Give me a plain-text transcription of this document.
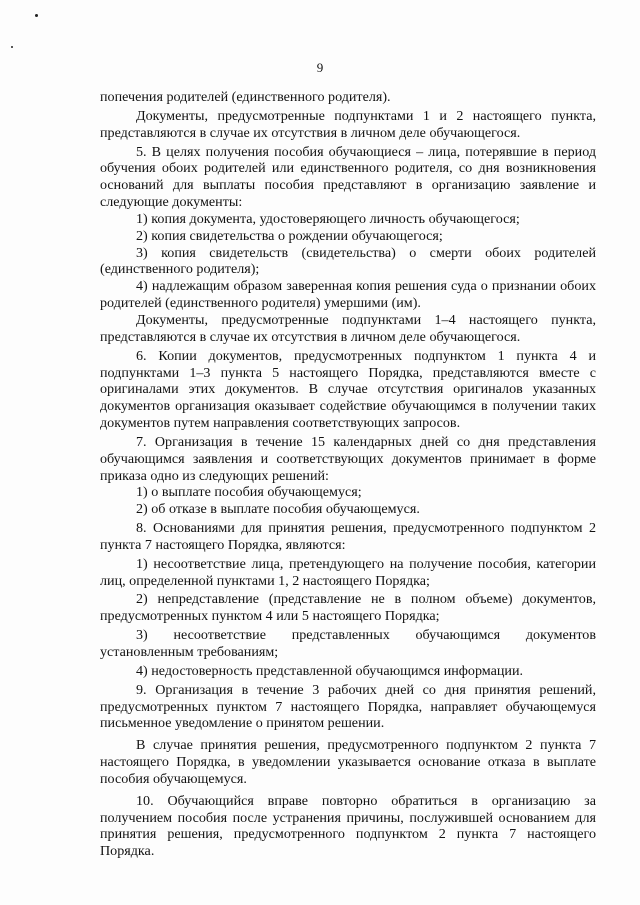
9

попечения родителей (единственного родителя).

Документы, предусмотренные подпунктами 1 и 2 настоящего пункта, представляются в случае их отсутствия в личном деле обучающегося.

5. В целях получения пособия обучающиеся – лица, потерявшие в период обучения обоих родителей или единственного родителя, со дня возникновения оснований для выплаты пособия представляют в организацию заявление и следующие документы:

1) копия документа, удостоверяющего личность обучающегося;

2) копия свидетельства о рождении обучающегося;

3) копия свидетельств (свидетельства) о смерти обоих родителей (единственного родителя);

4) надлежащим образом заверенная копия решения суда о признании обоих родителей (единственного родителя) умершими (им).

Документы, предусмотренные подпунктами 1–4 настоящего пункта, представляются в случае их отсутствия в личном деле обучающегося.

6. Копии документов, предусмотренных подпунктом 1 пункта 4 и подпунктами 1–3 пункта 5 настоящего Порядка, представляются вместе с оригиналами этих документов. В случае отсутствия оригиналов указанных документов организация оказывает содействие обучающимся в получении таких документов путем направления соответствующих запросов.

7. Организация в течение 15 календарных дней со дня представления обучающимся заявления и соответствующих документов принимает в форме приказа одно из следующих решений:

1) о выплате пособия обучающемуся;

2) об отказе в выплате пособия обучающемуся.

8. Основаниями для принятия решения, предусмотренного подпунктом 2 пункта 7 настоящего Порядка, являются:

1) несоответствие лица, претендующего на получение пособия, категории лиц, определенной пунктами 1, 2 настоящего Порядка;

2) непредставление (представление не в полном объеме) документов, предусмотренных пунктом 4 или 5 настоящего Порядка;

3) несоответствие представленных обучающимся документов установленным требованиям;

4) недостоверность представленной обучающимся информации.

9. Организация в течение 3 рабочих дней со дня принятия решений, предусмотренных пунктом 7 настоящего Порядка, направляет обучающемуся письменное уведомление о принятом решении.

В случае принятия решения, предусмотренного подпунктом 2 пункта 7 настоящего Порядка, в уведомлении указывается основание отказа в выплате пособия обучающемуся.

10. Обучающийся вправе повторно обратиться в организацию за получением пособия после устранения причины, послужившей основанием для принятия решения, предусмотренного подпунктом 2 пункта 7 настоящего Порядка.
